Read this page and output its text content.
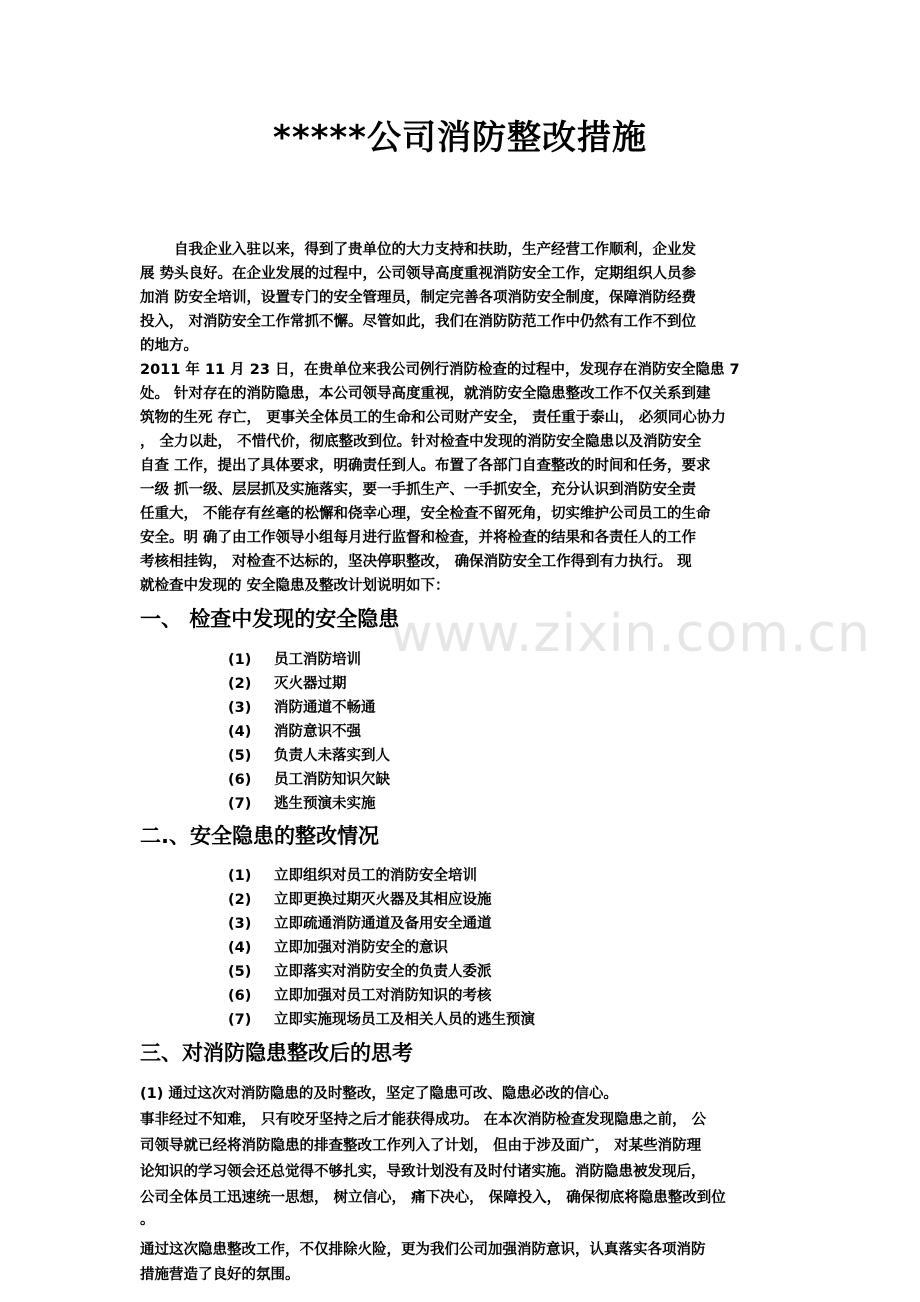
www.zixin.com.cn
*****公司消防整改措施
自我企业入驻以来，得到了贵单位的大力支持和扶助，生产经营工作顺利，企业发
展 势头良好。在企业发展的过程中，公司领导高度重视消防安全工作，定期组织人员参
加消 防安全培训，设置专门的安全管理员，制定完善各项消防安全制度，保障消防经费
投入， 对消防安全工作常抓不懈。尽管如此，我们在消防防范工作中仍然有工作不到位
的地方。
2011 年 11 月 23 日，在贵单位来我公司例行消防检查的过程中，发现存在消防安全隐患 7
处。 针对存在的消防隐患，本公司领导高度重视，就消防安全隐患整改工作不仅关系到建
筑物的生死 存亡， 更事关全体员工的生命和公司财产安全， 责任重于泰山， 必须同心协力
， 全力以赴， 不惜代价，彻底整改到位。针对检查中发现的消防安全隐患以及消防安全
自查 工作，提出了具体要求，明确责任到人。布置了各部门自查整改的时间和任务，要求
一级 抓一级、层层抓及实施落实，要一手抓生产、一手抓安全，充分认识到消防安全责
任重大， 不能存有丝毫的松懈和侥幸心理，安全检查不留死角，切实维护公司员工的生命
安全。明 确了由工作领导小组每月进行监督和检查，并将检查的结果和各责任人的工作
考核相挂钩， 对检查不达标的，坚决停职整改， 确保消防安全工作得到有力执行。 现
就检查中发现的 安全隐患及整改计划说明如下：
一、 检查中发现的安全隐患
(1) 员工消防培训
(2) 灭火器过期
(3) 消防通道不畅通
(4) 消防意识不强
(5) 负责人未落实到人
(6) 员工消防知识欠缺
(7) 逃生预演未实施
二.、安全隐患的整改情况
(1) 立即组织对员工的消防安全培训
(2) 立即更换过期灭火器及其相应设施
(3) 立即疏通消防通道及备用安全通道
(4) 立即加强对消防安全的意识
(5) 立即落实对消防安全的负责人委派
(6) 立即加强对员工对消防知识的考核
(7) 立即实施现场员工及相关人员的逃生预演
三、对消防隐患整改后的思考
(1) 通过这次对消防隐患的及时整改，坚定了隐患可改、隐患必改的信心。
事非经过不知难， 只有咬牙坚持之后才能获得成功。 在本次消防检查发现隐患之前， 公
司领导就已经将消防隐患的排查整改工作列入了计划， 但由于涉及面广， 对某些消防理
论知识的学习领会还总觉得不够扎实，导致计划没有及时付诸实施。消防隐患被发现后，
公司全体员工迅速统一思想， 树立信心， 痛下决心， 保障投入， 确保彻底将隐患整改到位
。
通过这次隐患整改工作，不仅排除火险，更为我们公司加强消防意识，认真落实各项消防
措施营造了良好的氛围。
